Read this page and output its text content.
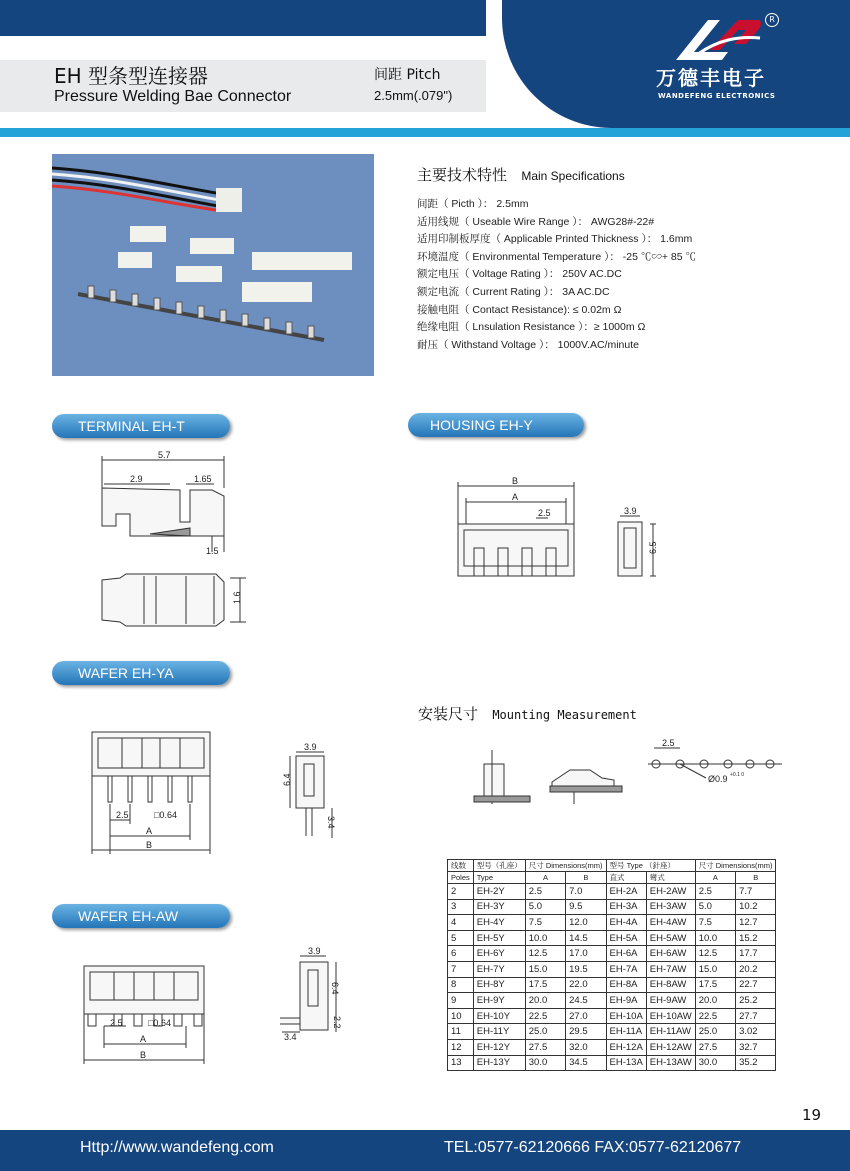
EH 型条型连接器
Pressure Welding Bae Connector
间距 Pitch
2.5mm(.079")
R
万德丰电子
WANDEFENG ELECTRONICS
主要技术特性 Main Specifications
间距（ Picth ）： 2.5mm
适用线规（ Useable Wire Range ）： AWG28#-22#
适用印制板厚度（ Applicable Printed Thickness ）： 1.6mm
环境温度（ Environmental Temperature ）： -25 ℃∽+ 85 ℃
额定电压（ Voltage Rating ）： 250V AC.DC
额定电流（ Current Rating ）： 3A AC.DC
接触电阻（ Contact Resistance): ≤ 0.02m Ω
绝缘电阻（ Lnsulation Resistance ）：≥ 1000m Ω
耐压（ Withstand Voltage ）： 1000V.AC/minute
TERMINAL EH-T	HOUSING EH-Y
WAFER EH-YA
WAFER EH-AW
5.7
2.9	1.65
1.5
1.6
B
A
2.5	3.9
6.5
2.5	□0.64
A
B
3.9
6.4
3.4
安装尺寸 Mounting Measurement
2.5
Ø0.9 +0.1 0
线数	型号（孔座）	尺寸 Dimensions(mm)		型号 Type （針座）		尺寸 Dimensions(mm)	
Poles	Type	A	B	直式	彎式	A	B
2	EH-2Y	2.5	7.0	EH-2A	EH-2AW	2.5	7.7
3	EH-3Y	5.0	9.5	EH-3A	EH-3AW	5.0	10.2
4	EH-4Y	7.5	12.0	EH-4A	EH-4AW	7.5	12.7
5	EH-5Y	10.0	14.5	EH-5A	EH-5AW	10.0	15.2
6	EH-6Y	12.5	17.0	EH-6A	EH-6AW	12.5	17.7
7	EH-7Y	15.0	19.5	EH-7A	EH-7AW	15.0	20.2
8	EH-8Y	17.5	22.0	EH-8A	EH-8AW	17.5	22.7
9	EH-9Y	20.0	24.5	EH-9A	EH-9AW	20.0	25.2
10	EH-10Y	22.5	27.0	EH-10A	EH-10AW	22.5	27.7
11	EH-11Y	25.0	29.5	EH-11A	EH-11AW	25.0	3.02
12	EH-12Y	27.5	32.0	EH-12A	EH-12AW	27.5	32.7
13	EH-13Y	30.0	34.5	EH-13A	EH-13AW	30.0	35.2
2.5	□0.64
A
B
3.9
6.4
2.2
3.4
19
Http://www.wandefeng.com	TEL:0577-62120666 FAX:0577-62120677
